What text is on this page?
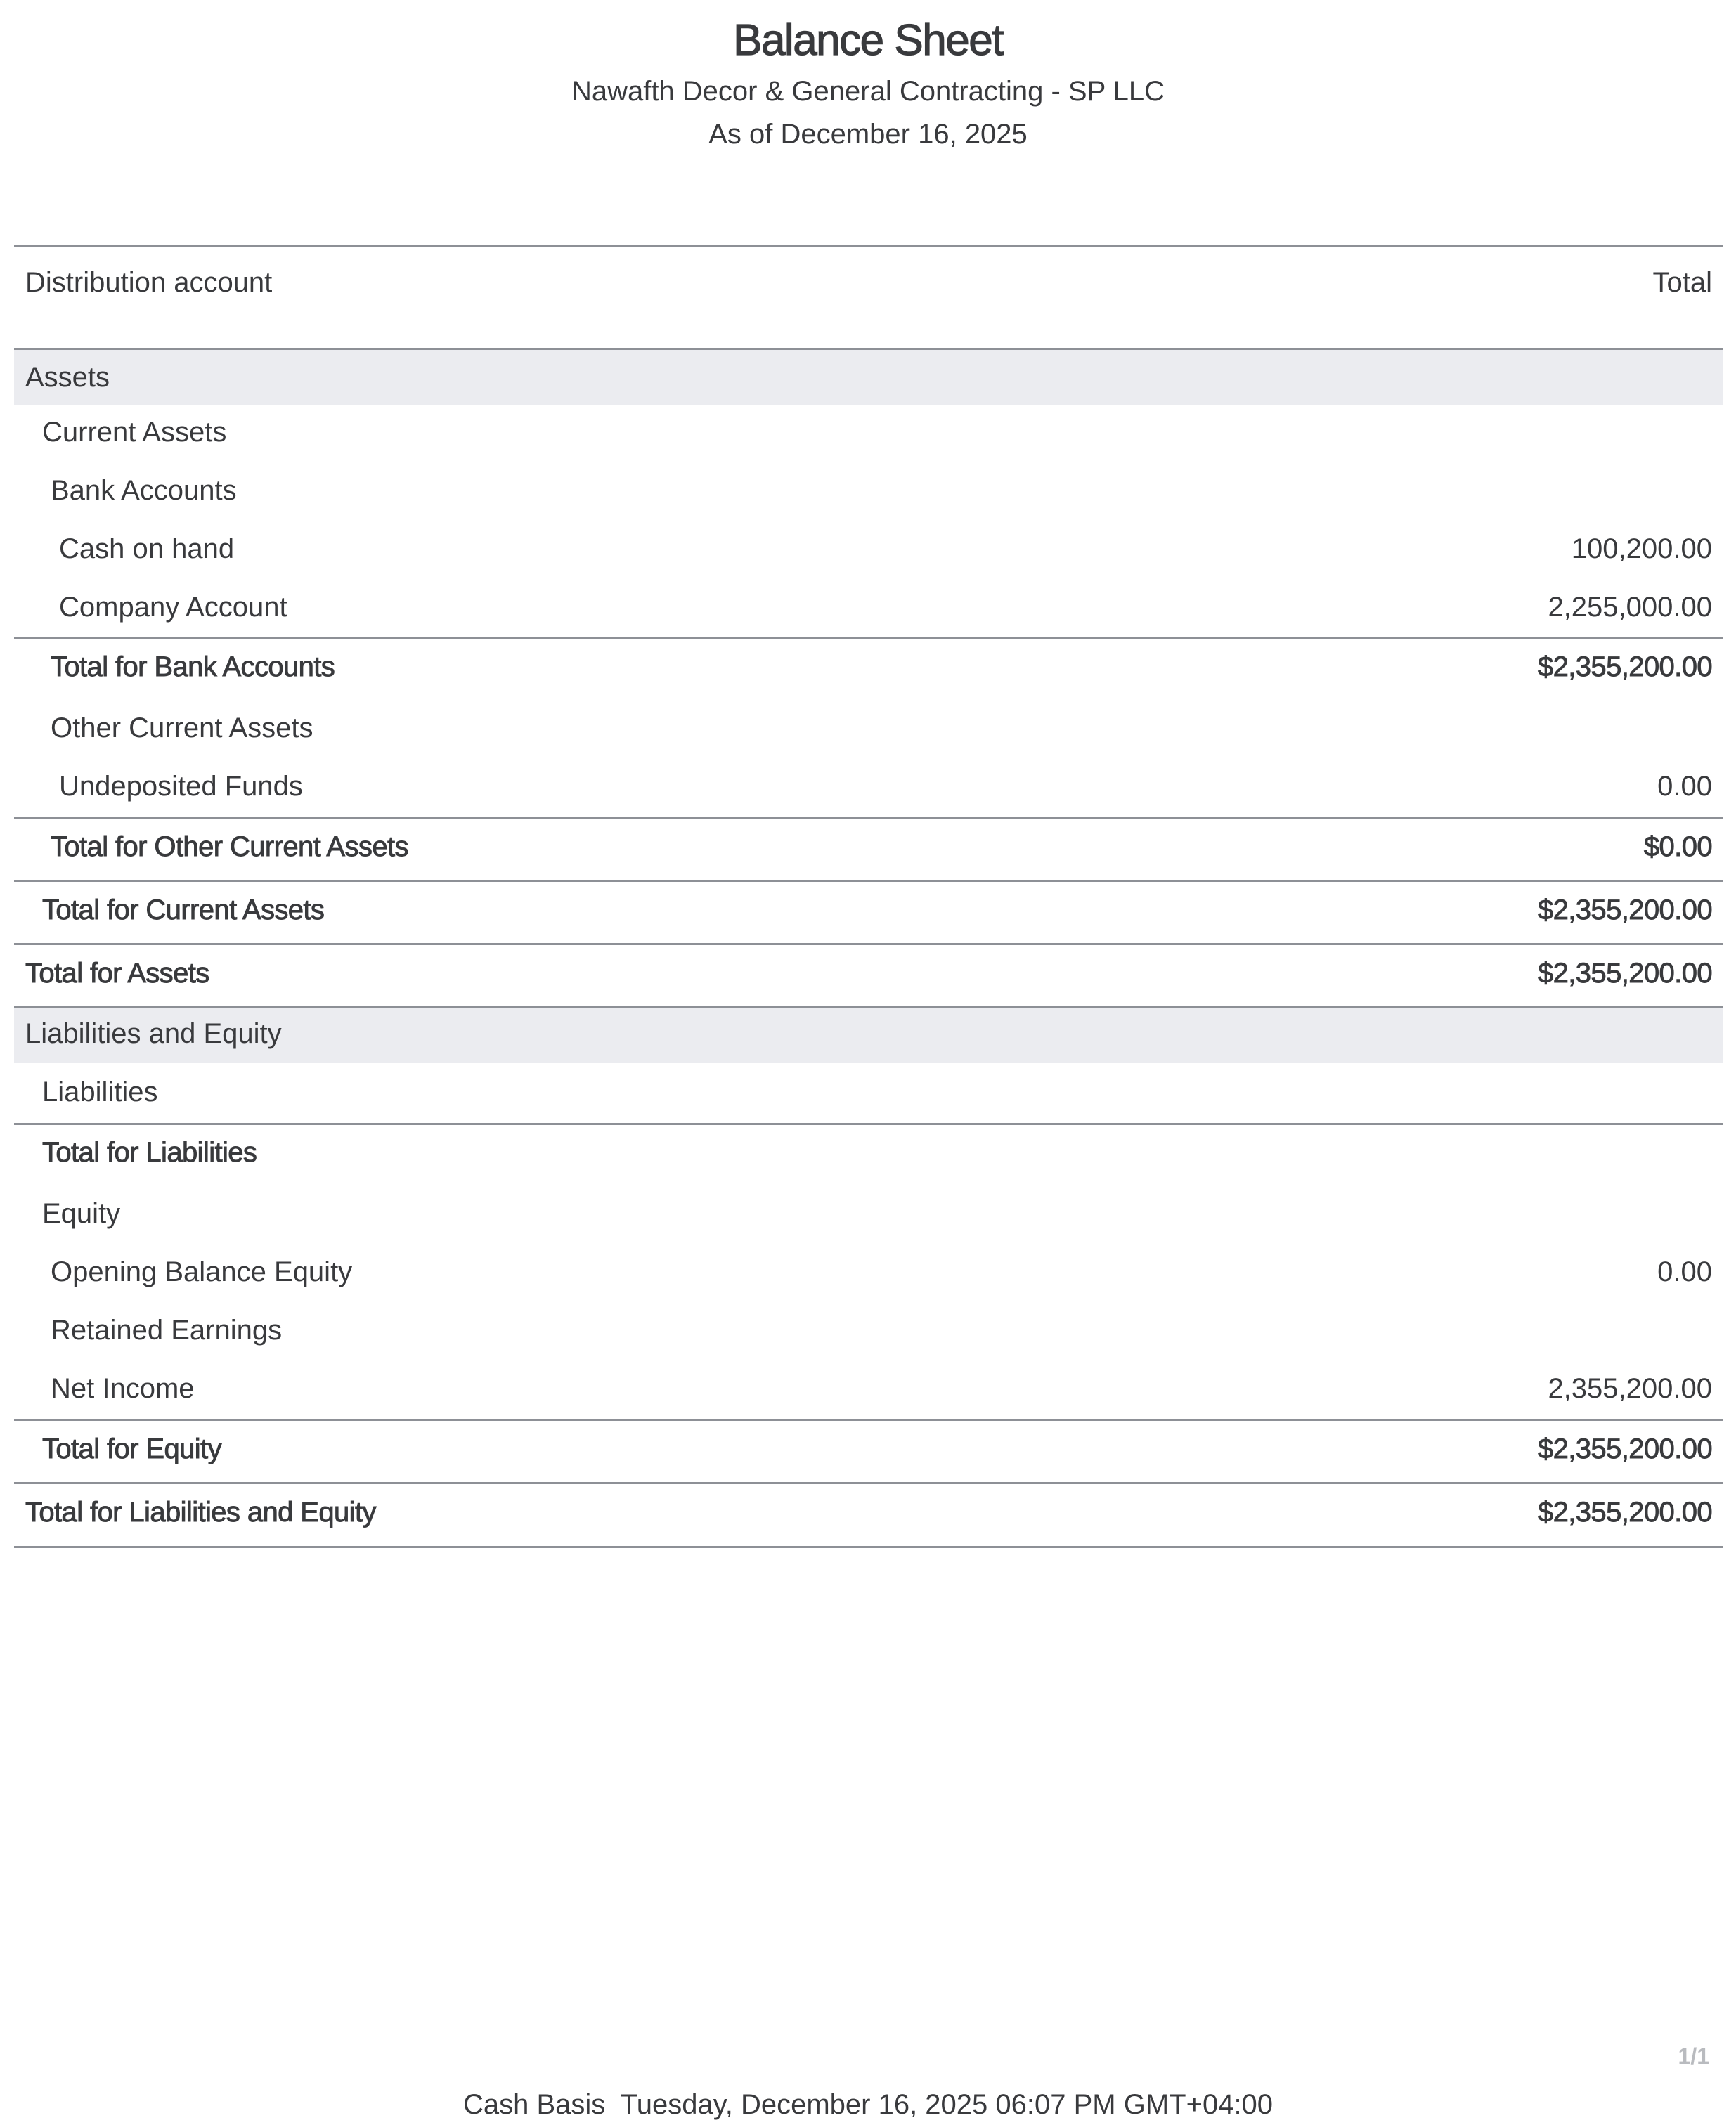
Balance Sheet
Nawafth Decor & General Contracting - SP LLC
As of December 16, 2025
Distribution account	Total
Assets
Current Assets
Bank Accounts
Cash on hand	100,200.00
Company Account	2,255,000.00
Total for Bank Accounts	$2,355,200.00
Other Current Assets
Undeposited Funds	0.00
Total for Other Current Assets	$0.00
Total for Current Assets	$2,355,200.00
Total for Assets	$2,355,200.00
Liabilities and Equity
Liabilities
Total for Liabilities
Equity
Opening Balance Equity	0.00
Retained Earnings
Net Income	2,355,200.00
Total for Equity	$2,355,200.00
Total for Liabilities and Equity	$2,355,200.00
1/1
Cash Basis  Tuesday, December 16, 2025 06:07 PM GMT+04:00
